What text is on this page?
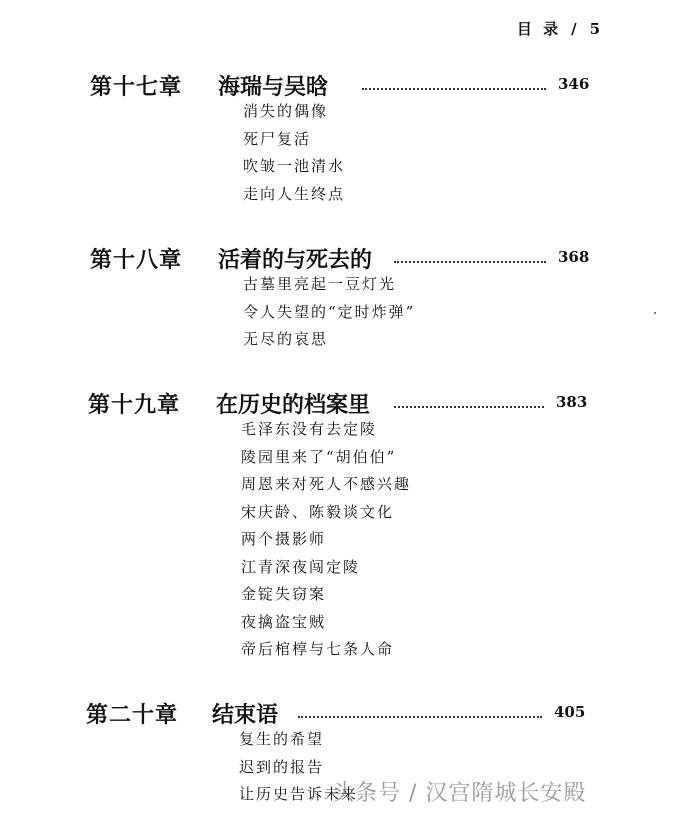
目 录 / 5
第十七章 海瑞与吴晗	346
消失的偶像
死尸复活
吹皱一池清水
走向人生终点
第十八章 活着的与死去的	368
古墓里亮起一豆灯光
令人失望的“定时炸弹”
无尽的哀思
第十九章 在历史的档案里	383
毛泽东没有去定陵
陵园里来了“胡伯伯”
周恩来对死人不感兴趣
宋庆龄、陈毅谈文化
两个摄影师
江青深夜闯定陵
金锭失窃案
夜擒盗宝贼
帝后棺椁与七条人命
第二十章 结束语	405
复生的希望
迟到的报告
让历史告诉未来
头条号 / 汉宫隋城长安殿
